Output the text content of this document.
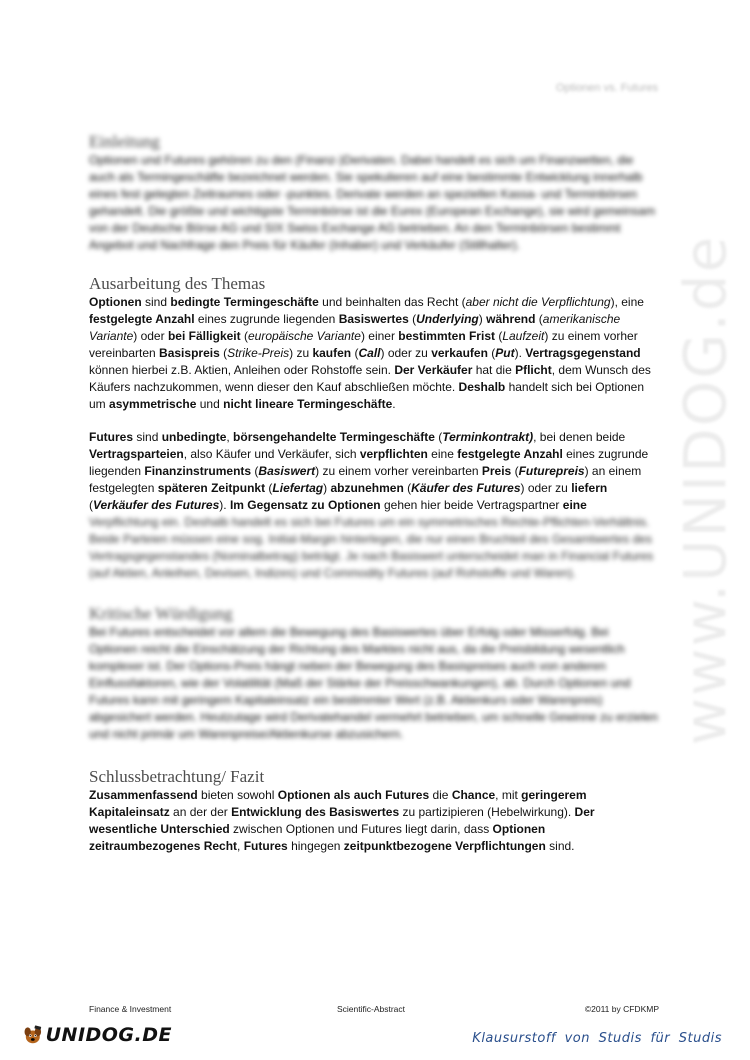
Optionen vs. Futures
www.UNIDOG.de
Einleitung

Optionen und Futures gehören zu den (Finanz-)Derivaten. Dabei handelt es sich um Finanzwetten, die auch als Termingeschäfte bezeichnet werden. Sie spekulieren auf eine bestimmte Entwicklung innerhalb eines fest gelegten Zeitraumes oder -punktes. Derivate werden an speziellen Kassa- und Terminbörsen gehandelt. Die größte und wichtigste Terminbörse ist die Eurex (European Exchange), sie wird gemeinsam von der Deutsche Börse AG und SIX Swiss Exchange AG betrieben. An den Terminbörsen bestimmt Angebot und Nachfrage den Preis für Käufer (Inhaber) und Verkäufer (Stillhalter).

Ausarbeitung des Themas

Optionen sind bedingte Termingeschäfte und beinhalten das Recht (aber nicht die Verpflichtung), eine festgelegte Anzahl eines zugrunde liegenden Basiswertes (Underlying) während (amerikanische Variante) oder bei Fälligkeit (europäische Variante) einer bestimmten Frist (Laufzeit) zu einem vorher vereinbarten Basispreis (Strike-Preis) zu kaufen (Call) oder zu verkaufen (Put). Vertragsgegenstand können hierbei z.B. Aktien, Anleihen oder Rohstoffe sein. Der Verkäufer hat die Pflicht, dem Wunsch des Käufers nachzukommen, wenn dieser den Kauf abschließen möchte. Deshalb handelt sich bei Optionen um asymmetrische und nicht lineare Termingeschäfte.

Futures sind unbedingte, börsengehandelte Termingeschäfte (Terminkontrakt), bei denen beide Vertragsparteien, also Käufer und Verkäufer, sich verpflichten eine festgelegte Anzahl eines zugrunde liegenden Finanzinstruments (Basiswert) zu einem vorher vereinbarten Preis (Futurepreis) an einem festgelegten späteren Zeitpunkt (Liefertag) abzunehmen (Käufer des Futures) oder zu liefern (Verkäufer des Futures). Im Gegensatz zu Optionen gehen hier beide Vertragspartner eine

Verpflichtung ein. Deshalb handelt es sich bei Futures um ein symmetrisches Rechte-Pflichten-Verhältnis. Beide Parteien müssen eine sog. Initial-Margin hinterlegen, die nur einen Bruchteil des Gesamtwertes des Vertragsgegenstandes (Nominalbetrag) beträgt. Je nach Basiswert unterscheidet man in Financial Futures (auf Aktien, Anleihen, Devisen, Indizes) und Commodity Futures (auf Rohstoffe und Waren).

Kritische Würdigung

Bei Futures entscheidet vor allem die Bewegung des Basiswertes über Erfolg oder Misserfolg. Bei Optionen reicht die Einschätzung der Richtung des Marktes nicht aus, da die Preisbildung wesentlich komplexer ist. Der Options-Preis hängt neben der Bewegung des Basispreises auch von anderen Einflussfaktoren, wie der Volatilität (Maß der Stärke der Preisschwankungen), ab. Durch Optionen und Futures kann mit geringem Kapitaleinsatz ein bestimmter Wert (z.B. Aktienkurs oder Warenpreis) abgesichert werden. Heutzutage wird Derivatehandel vermehrt betrieben, um schnelle Gewinne zu erzielen und nicht primär um Warenpreise/Aktienkurse abzusichern.

Schlussbetrachtung/ Fazit

Zusammenfassend bieten sowohl Optionen als auch Futures die Chance, mit geringerem Kapitaleinsatz an der der Entwicklung des Basiswertes zu partizipieren (Hebelwirkung). Der wesentliche Unterschied zwischen Optionen und Futures liegt darin, dass Optionen zeitraumbezogenes Recht, Futures hingegen zeitpunktbezogene Verpflichtungen sind.

Finance & Investment	Scientific-Abstract	©2011 by CFDKMP
UNIDOG.DE	Klausurstoff von Studis für Studis
